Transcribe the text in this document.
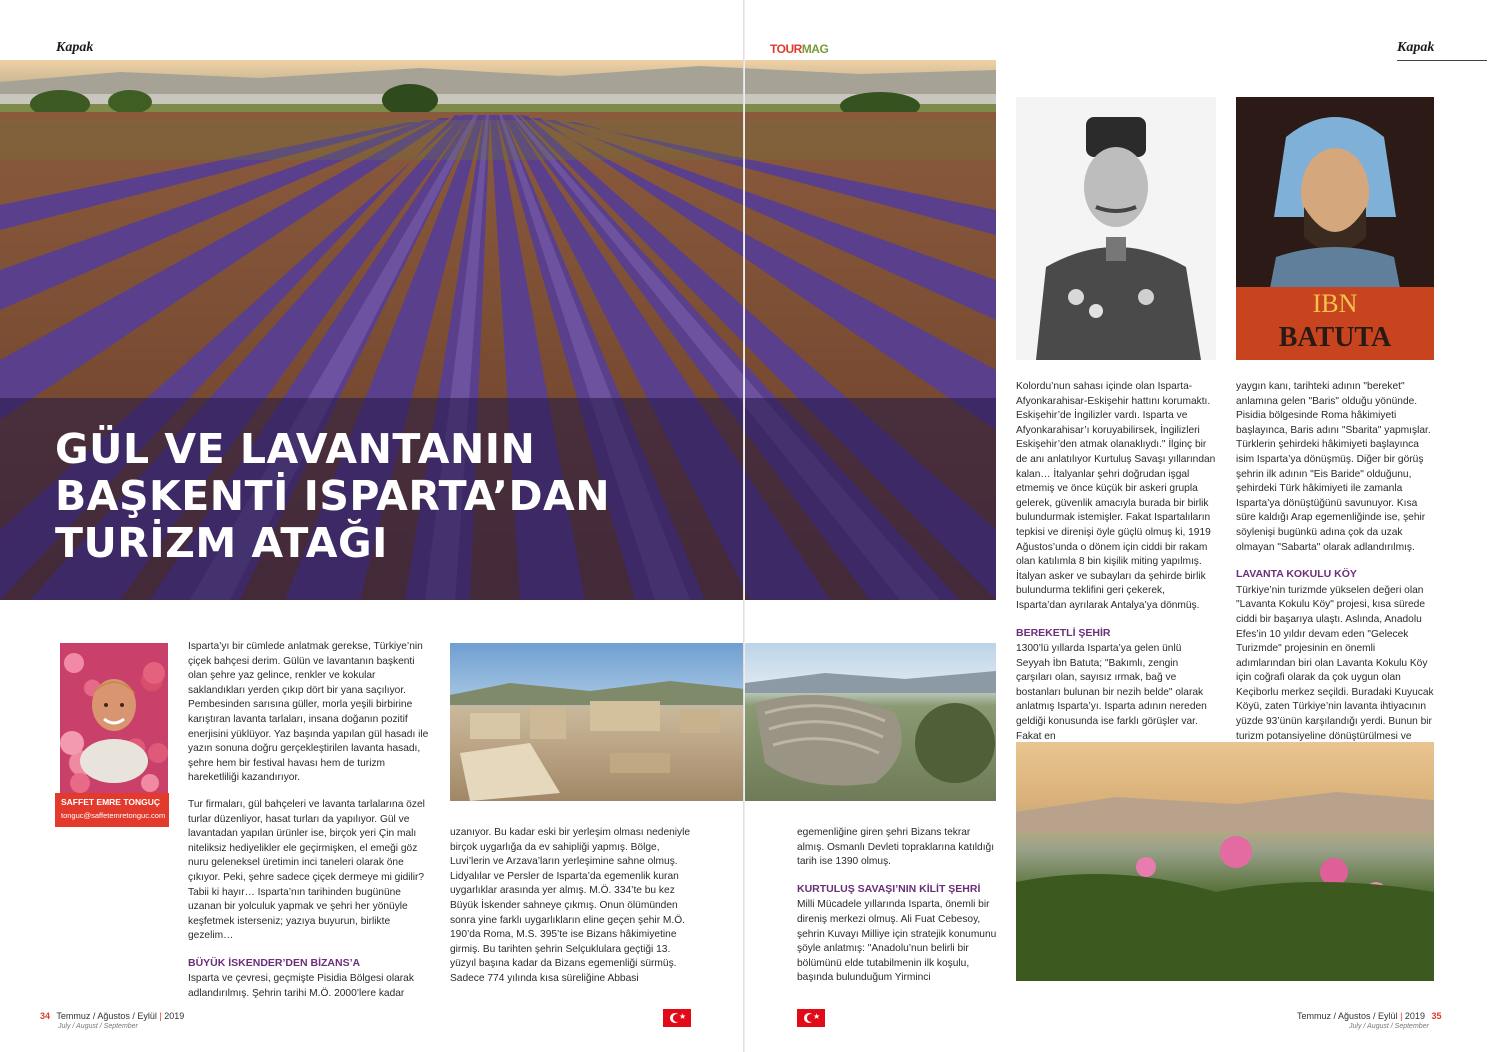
Kapak	Kapak
TOURMAG
GÜL VE LAVANTANIN
BAŞKENTİ ISPARTA’DAN
TURİZM ATAĞI
SAFFET EMRE TONGUÇ
tonguc@saffetemretonguc.com

Isparta’yı bir cümlede anlatmak gerekse, Türkiye’nin çiçek bahçesi derim. Gülün ve lavantanın başkenti olan şehre yaz gelince, renkler ve kokular saklandıkları yerden çıkıp dört bir yana saçılıyor. Pembesinden sarısına güller, morla yeşili birbirine karıştıran lavanta tarlaları, insana doğanın pozitif enerjisini yüklüyor. Yaz başında yapılan gül hasadı ile yazın sonuna doğru gerçekleştirilen lavanta hasadı, şehre hem bir festival havası hem de turizm hareketliliği kazandırıyor.

Tur firmaları, gül bahçeleri ve lavanta tarlalarına özel turlar düzenliyor, hasat turları da yapılıyor. Gül ve lavantadan yapılan ürünler ise, birçok yeri Çin malı niteliksiz hediyelikler ele geçirmişken, el emeği göz nuru geleneksel üretimin inci taneleri olarak öne çıkıyor. Peki, şehre sadece çiçek dermeye mi gidilir? Tabii ki hayır… Isparta’nın tarihinden bugününe uzanan bir yolculuk yapmak ve şehri her yönüyle keşfetmek isterseniz; yazıya buyurun, birlikte gezelim…

BÜYÜK İSKENDER’DEN BİZANS’A

Isparta ve çevresi, geçmişte Pisidia Bölgesi olarak adlandırılmış. Şehrin tarihi M.Ö. 2000’lere kadar

uzanıyor. Bu kadar eski bir yerleşim olması nedeniyle birçok uygarlığa da ev sahipliği yapmış. Bölge, Luvi’lerin ve Arzava’ların yerleşimine sahne olmuş. Lidyalılar ve Persler de Isparta’da egemenlik kuran uygarlıklar arasında yer almış. M.Ö. 334’te bu kez Büyük İskender sahneye çıkmış. Onun ölümünden sonra yine farklı uygarlıkların eline geçen şehir M.Ö. 190’da Roma, M.S. 395’te ise Bizans hâkimiyetine girmiş. Bu tarihten şehrin Selçuklulara geçtiği 13. yüzyıl başına kadar da Bizans egemenliği sürmüş. Sadece 774 yılında kısa süreliğine Abbasi

egemenliğine giren şehri Bizans tekrar almış. Osmanlı Devleti topraklarına katıldığı tarih ise 1390 olmuş.

KURTULUŞ SAVAŞI’NIN KİLİT ŞEHRİ

Milli Mücadele yıllarında Isparta, önemli bir direniş merkezi olmuş. Ali Fuat Cebesoy, şehrin Kuvayı Milliye için stratejik konumunu şöyle anlatmış: "Anadolu’nun belirli bir bölümünü elde tutabilmenin ilk koşulu, başında bulunduğum Yirminci

IBN
BATUTA

Kolordu’nun sahası içinde olan Isparta-Afyonkarahisar-Eskişehir hattını korumaktı. Eskişehir’de İngilizler vardı. Isparta ve Afyonkarahisar’ı koruyabilirsek, İngilizleri Eskişehir’den atmak olanaklıydı." İlginç bir de anı anlatılıyor Kurtuluş Savaşı yıllarından kalan… İtalyanlar şehri doğrudan işgal etmemiş ve önce küçük bir askeri grupla gelerek, güvenlik amacıyla burada bir birlik bulundurmak istemişler. Fakat Ispartalıların tepkisi ve direnişi öyle güçlü olmuş ki, 1919 Ağustos’unda o dönem için ciddi bir rakam olan katılımla 8 bin kişilik miting yapılmış. İtalyan asker ve subayları da şehirde birlik bulundurma teklifini geri çekerek, Isparta’dan ayrılarak Antalya’ya dönmüş.

BEREKETLİ ŞEHİR

1300’lü yıllarda Isparta’ya gelen ünlü Seyyah İbn Batuta; "Bakımlı, zengin çarşıları olan, sayısız ırmak, bağ ve bostanları bulunan bir nezih belde" olarak anlatmış Isparta’yı. Isparta adının nereden geldiği konusunda ise farklı görüşler var. Fakat en

yaygın kanı, tarihteki adının "bereket" anlamına gelen "Baris" olduğu yönünde. Pisidia bölgesinde Roma hâkimiyeti başlayınca, Baris adını "Sbarita" yapmışlar. Türklerin şehirdeki hâkimiyeti başlayınca isim Isparta’ya dönüşmüş. Diğer bir görüş şehrin ilk adının "Eis Baride" olduğunu, şehirdeki Türk hâkimiyeti ile zamanla Isparta’ya dönüştüğünü savunuyor. Kısa süre kaldığı Arap egemenliğinde ise, şehir söylenişi bugünkü adına çok da uzak olmayan "Sabarta" olarak adlandırılmış.

LAVANTA KOKULU KÖY

Türkiye’nin turizmde yükselen değeri olan "Lavanta Kokulu Köy" projesi, kısa sürede ciddi bir başarıya ulaştı. Aslında, Anadolu Efes’in 10 yıldır devam eden "Gelecek Turizmde" projesinin en önemli adımlarından biri olan Lavanta Kokulu Köy için coğrafi olarak da çok uygun olan Keçiborlu merkez seçildi. Buradaki Kuyucak Köyü, zaten Türkiye’nin lavanta ihtiyacının yüzde 93’ünün karşılandığı yerdi. Bunun bir turizm potansiyeline dönüştürülmesi ve

34 Temmuz / Ağustos / Eylül | 2019
July / August / September
★	★	Temmuz / Ağustos / Eylül | 2019 35
July / August / September
